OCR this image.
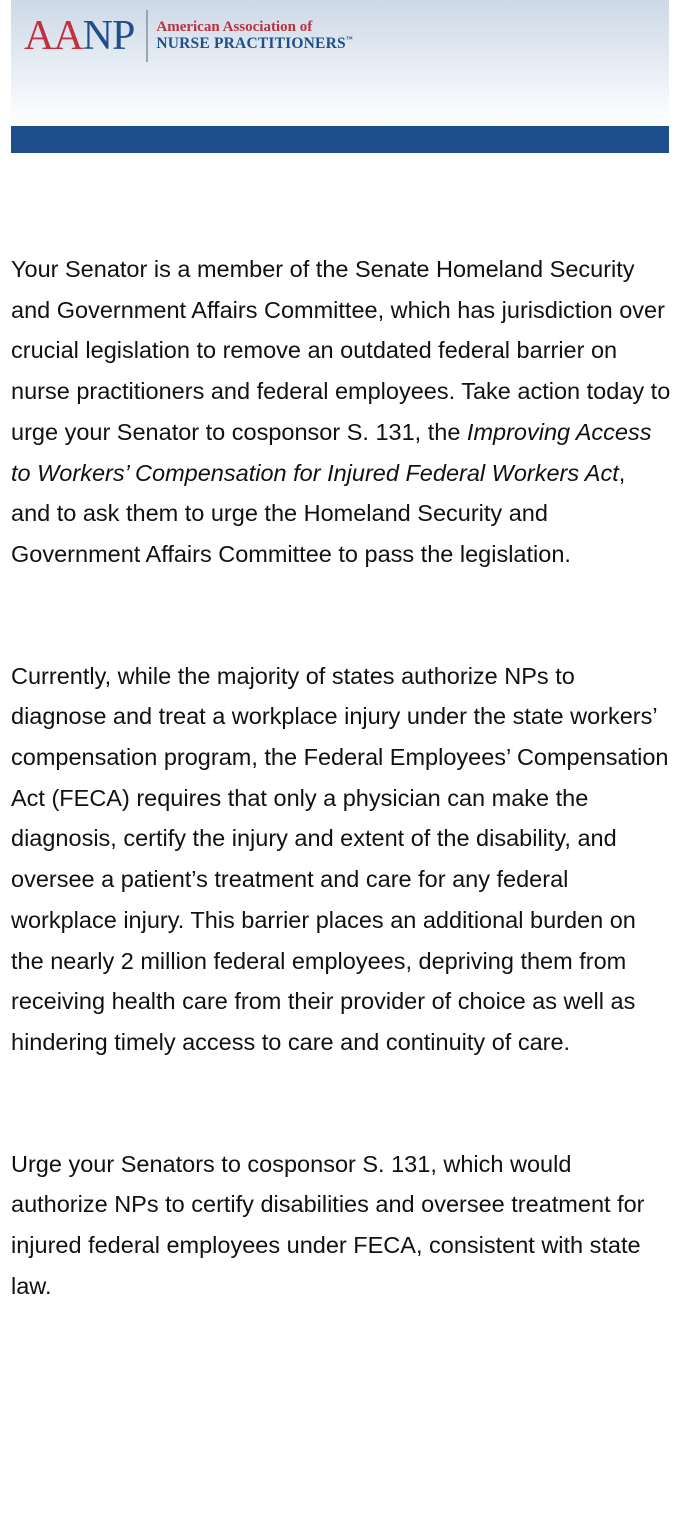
AANP American Association of
NURSE PRACTITIONERS™

Your Senator is a member of the Senate Homeland Security and Government Affairs Committee, which has jurisdiction over crucial legislation to remove an outdated federal barrier on nurse practitioners and federal employees. Take action today to urge your Senator to cosponsor S. 131, the Improving Access to Workers’ Compensation for Injured Federal Workers Act, and to ask them to urge the Homeland Security and Government Affairs Committee to pass the legislation.

Currently, while the majority of states authorize NPs to diagnose and treat a workplace injury under the state workers’ compensation program, the Federal Employees’ Compensation Act (FECA) requires that only a physician can make the diagnosis, certify the injury and extent of the disability, and oversee a patient’s treatment and care for any federal workplace injury. This barrier places an additional burden on the nearly 2 million federal employees, depriving them from receiving health care from their provider of choice as well as hindering timely access to care and continuity of care.

Urge your Senators to cosponsor S. 131, which would authorize NPs to certify disabilities and oversee treatment for injured federal employees under FECA, consistent with state law.
